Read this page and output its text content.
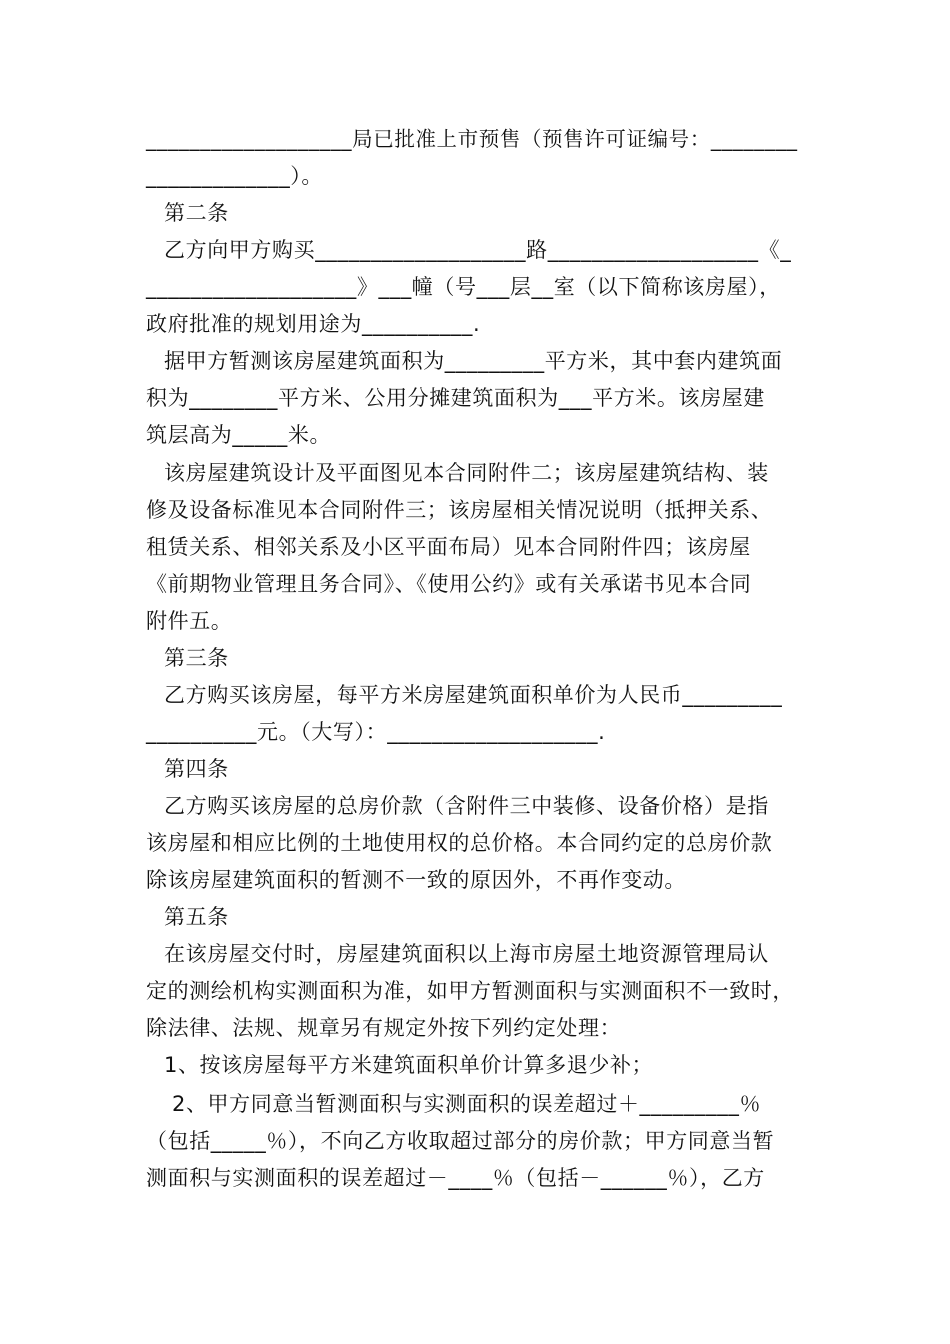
___________________局已批准上市预售（预售许可证编号：________
_____________）。
第二条
乙方向甲方购买___________________路___________________《_
___________________》___幢（号___层__室（以下简称该房屋），
政府批准的规划用途为__________.
据甲方暂测该房屋建筑面积为_________平方米，其中套内建筑面
积为________平方米、公用分摊建筑面积为___平方米。该房屋建
筑层高为_____米。
该房屋建筑设计及平面图见本合同附件二；该房屋建筑结构、装
修及设备标准见本合同附件三；该房屋相关情况说明（抵押关系、
租赁关系、相邻关系及小区平面布局）见本合同附件四；该房屋
《前期物业管理且务合同》、《使用公约》或有关承诺书见本合同
附件五。
第三条
乙方购买该房屋，每平方米房屋建筑面积单价为人民币_________
__________元。（大写）：___________________.
第四条
乙方购买该房屋的总房价款（含附件三中装修、设备价格）是指
该房屋和相应比例的土地使用权的总价格。本合同约定的总房价款
除该房屋建筑面积的暂测不一致的原因外，不再作变动。
第五条
在该房屋交付时，房屋建筑面积以上海市房屋土地资源管理局认
定的测绘机构实测面积为准，如甲方暂测面积与实测面积不一致时，
除法律、法规、规章另有规定外按下列约定处理：
1、按该房屋每平方米建筑面积单价计算多退少补；
2、甲方同意当暂测面积与实测面积的误差超过＋_________％
（包括_____％），不向乙方收取超过部分的房价款；甲方同意当暂
测面积与实测面积的误差超过－____％（包括－______％），乙方
